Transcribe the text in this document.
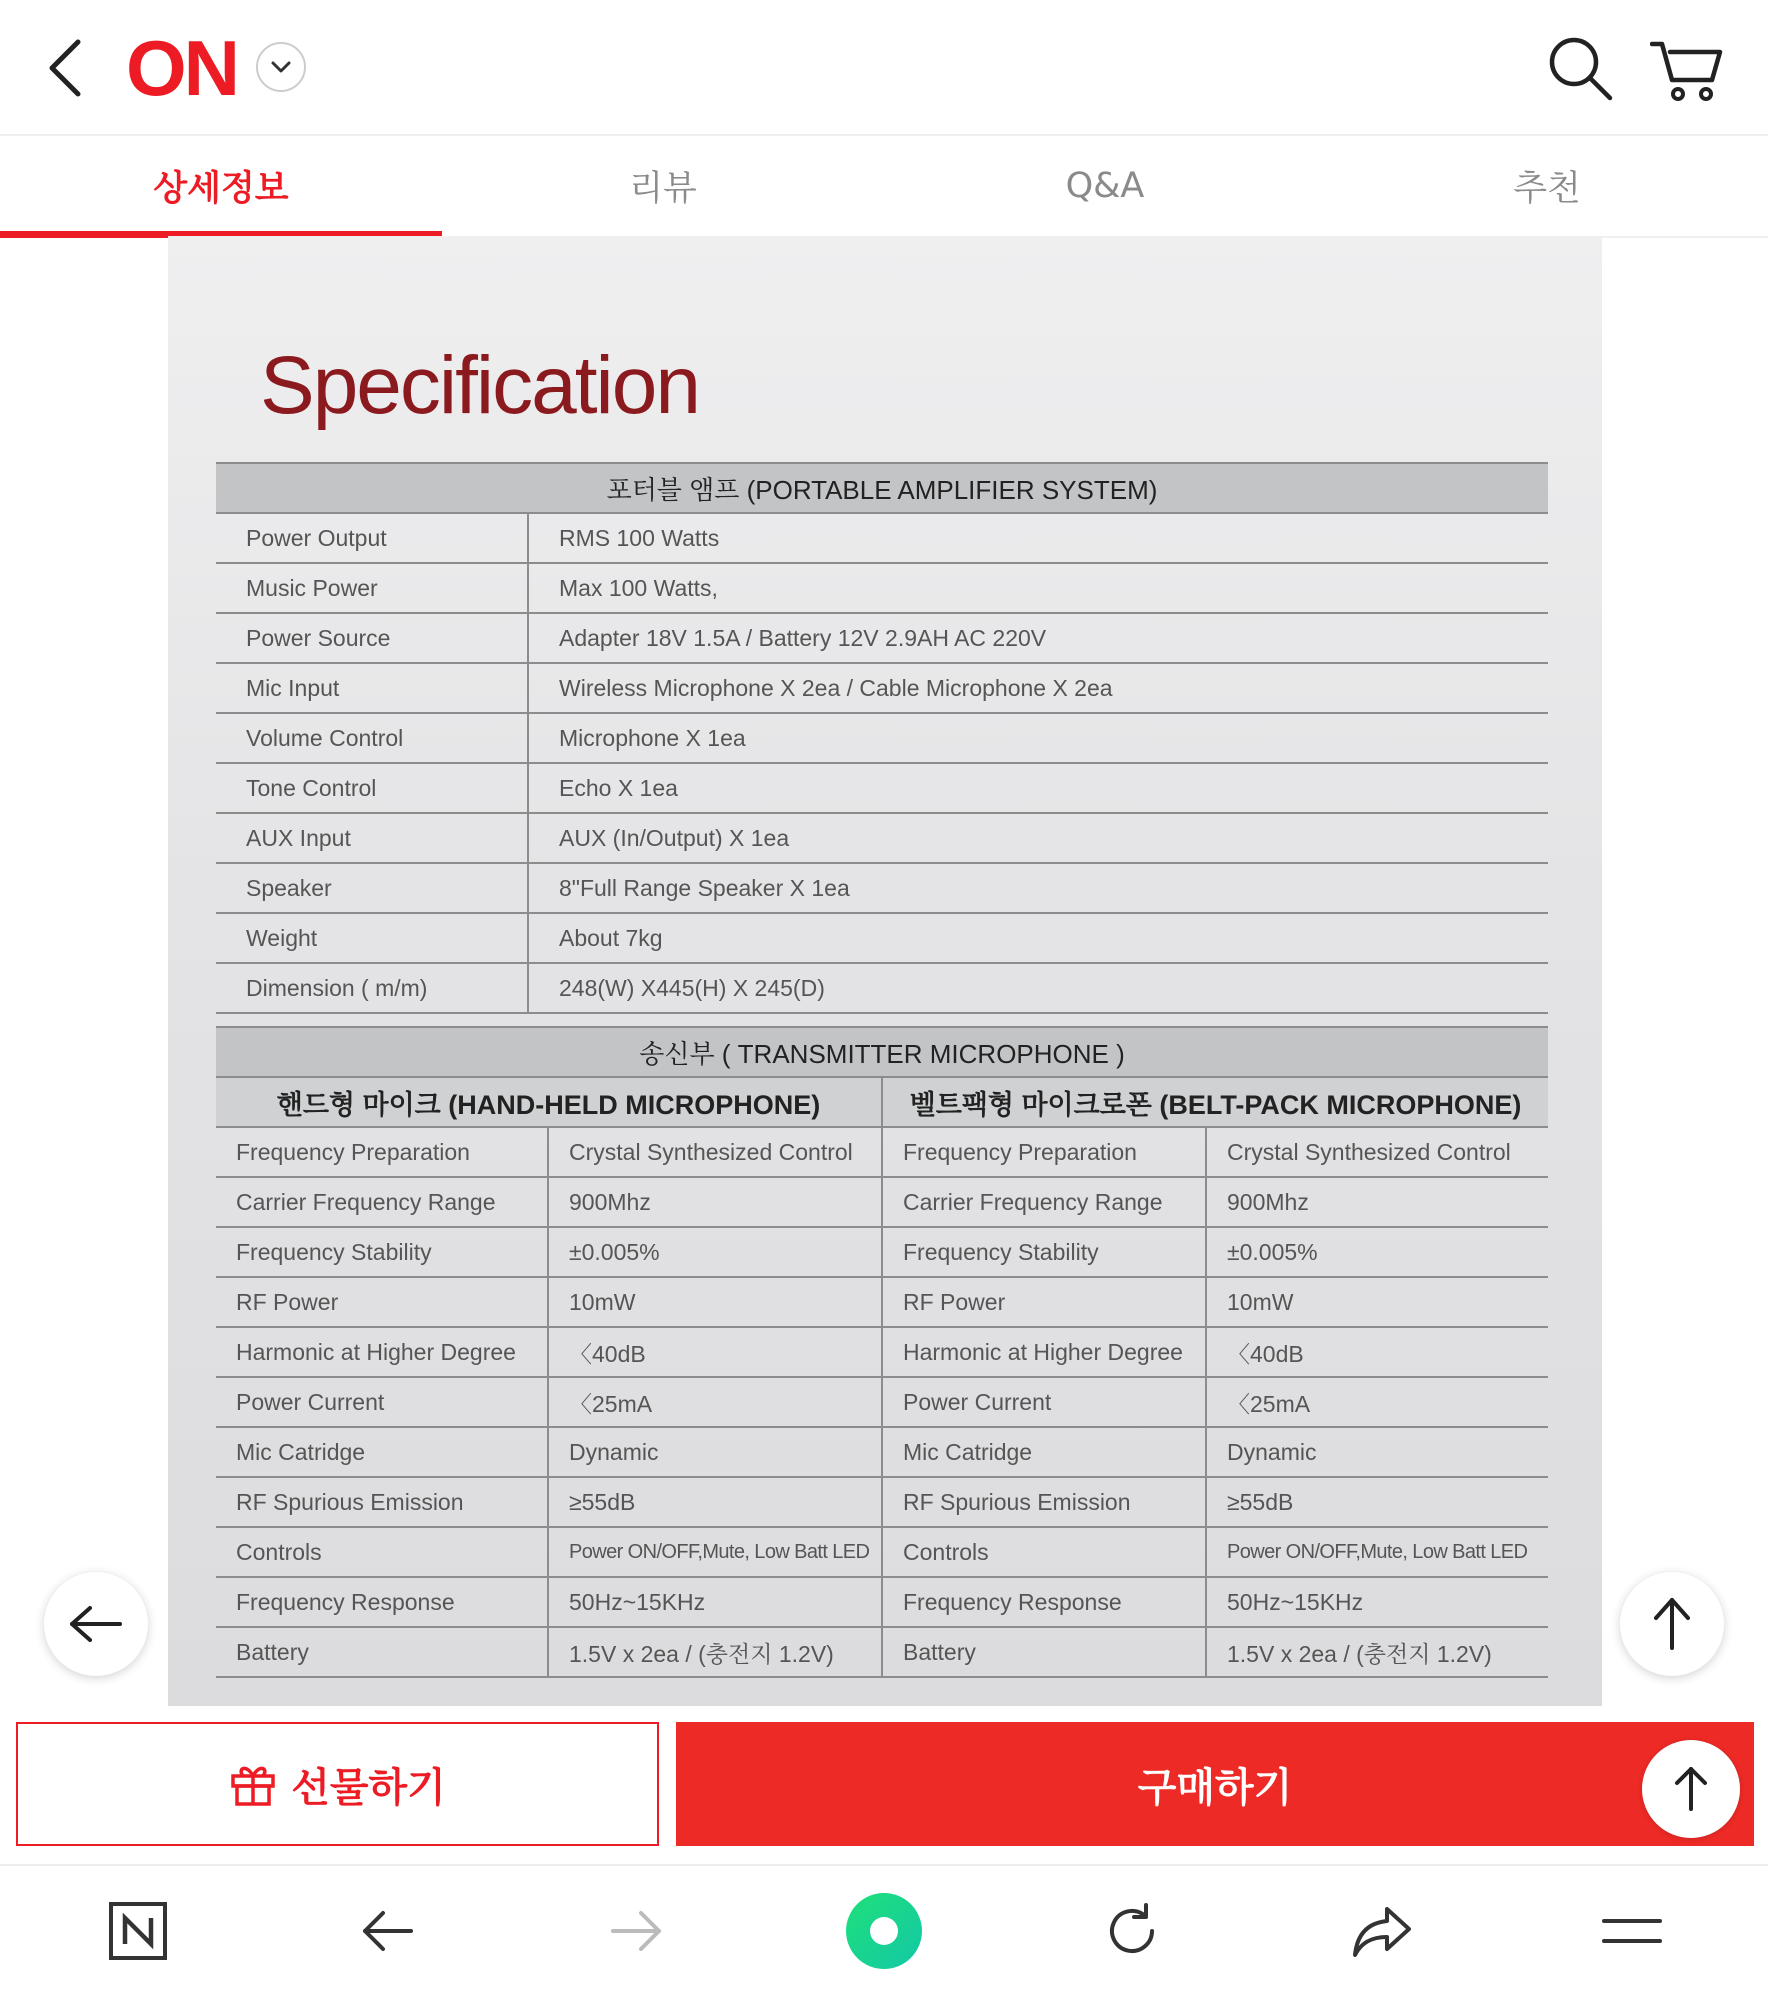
ON
상세정보	리뷰	Q&A	추천
Specification
포터블 앰프 (PORTABLE AMPLIFIER SYSTEM)	
Power Output	RMS 100 Watts
Music Power	Max 100 Watts,
Power Source	Adapter 18V 1.5A / Battery 12V 2.9AH AC 220V
Mic Input	Wireless Microphone X 2ea / Cable Microphone X 2ea
Volume Control	Microphone X 1ea
Tone Control	Echo X 1ea
AUX Input	AUX (In/Output) X 1ea
Speaker	8"Full Range Speaker X 1ea
Weight	About 7kg
Dimension ( m/m)	248(W) X445(H) X 245(D)
송신부 ( TRANSMITTER MICROPHONE )			
핸드형 마이크 (HAND-HELD MICROPHONE)		벨트팩형 마이크로폰 (BELT-PACK MICROPHONE)	
Frequency Preparation	Crystal Synthesized Control	Frequency Preparation	Crystal Synthesized Control
Carrier Frequency Range	900Mhz	Carrier Frequency Range	900Mhz
Frequency Stability	±0.005%	Frequency Stability	±0.005%
RF Power	10mW	RF Power	10mW
Harmonic at Higher Degree	〈40dB	Harmonic at Higher Degree	〈40dB
Power Current	〈25mA	Power Current	〈25mA
Mic Catridge	Dynamic	Mic Catridge	Dynamic
RF Spurious Emission	≥55dB	RF Spurious Emission	≥55dB
Controls	Power ON/OFF,Mute, Low Batt LED	Controls	Power ON/OFF,Mute, Low Batt LED
Frequency Response	50Hz~15KHz	Frequency Response	50Hz~15KHz
Battery	1.5V x 2ea / (충전지 1.2V)	Battery	1.5V x 2ea / (충전지 1.2V)
선물하기	구매하기
